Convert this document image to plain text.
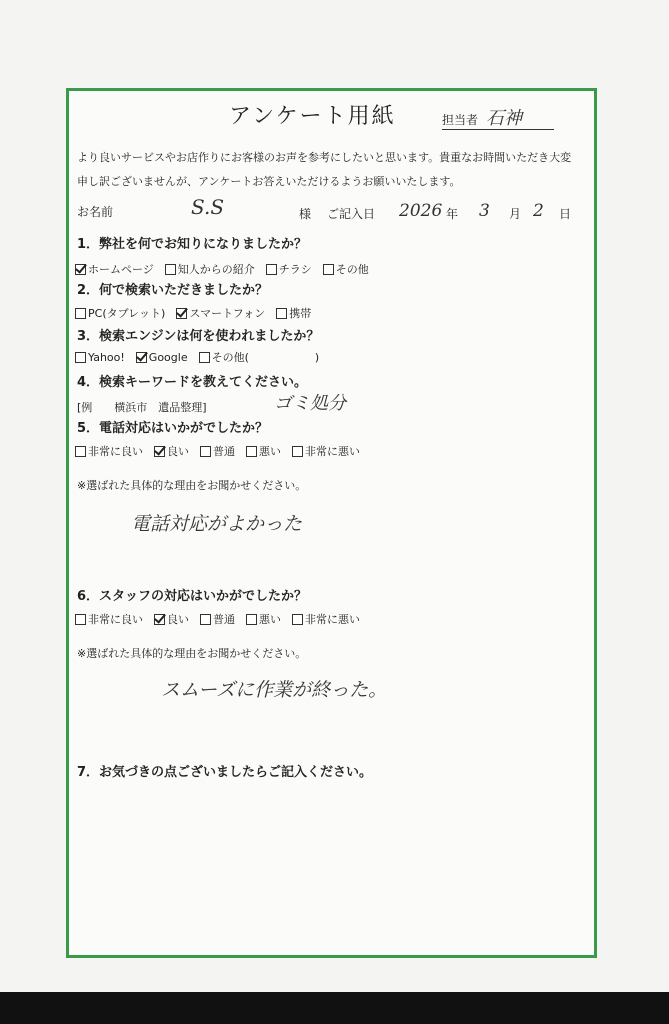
アンケート用紙	担当者 石神
より良いサービスやお店作りにお客様のお声を参考にしたいと思います。貴重なお時間いただき大変
申し訳ございませんが、アンケートお答えいただけるようお願いいたします。
お名前	S.S	様 ご記入日 2026 年 3 月 2 日
1．弊社を何でお知りになりましたか？
ホームページ 知人からの紹介 チラシ その他
2．何で検索いただきましたか？
PC(タブレット) スマートフォン 携帯
3．検索エンジンは何を使われましたか？
Yahoo! Google その他(　　　　　　)
4．検索キーワードを教えてください。
[例　　横浜市　遺品整理]	ゴミ処分
5．電話対応はいかがでしたか？
非常に良い 良い 普通 悪い 非常に悪い
※選ばれた具体的な理由をお聞かせください。
電話対応がよかった
6．スタッフの対応はいかがでしたか？
非常に良い 良い 普通 悪い 非常に悪い
※選ばれた具体的な理由をお聞かせください。
スムーズに作業が終った。
7．お気づきの点ございましたらご記入ください。
